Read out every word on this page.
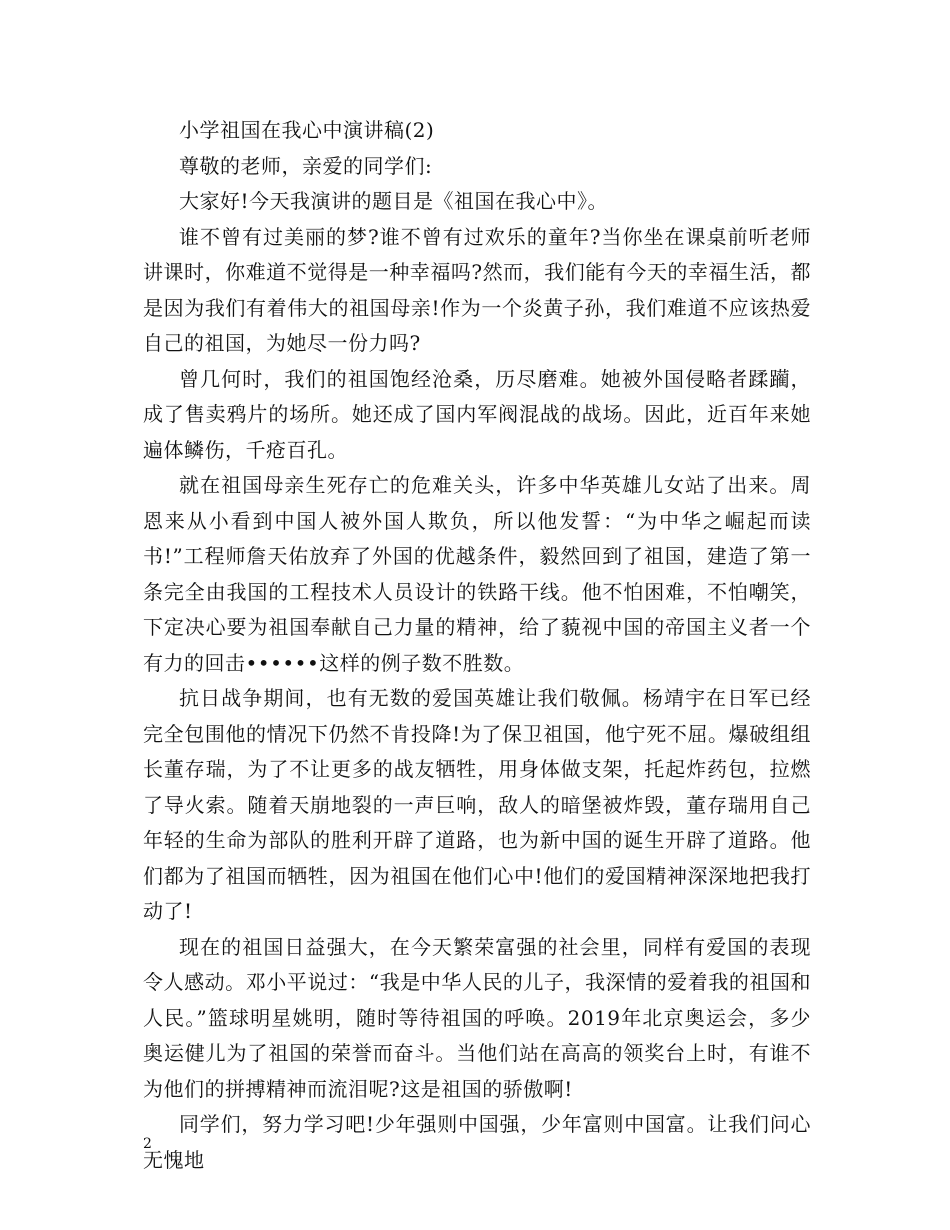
小学祖国在我心中演讲稿(2)

尊敬的老师，亲爱的同学们:

大家好!今天我演讲的题目是《祖国在我心中》。

谁不曾有过美丽的梦?谁不曾有过欢乐的童年?当你坐在课桌前听老师讲课时，你难道不觉得是一种幸福吗?然而，我们能有今天的幸福生活，都是因为我们有着伟大的祖国母亲!作为一个炎黄子孙，我们难道不应该热爱自己的祖国，为她尽一份力吗?

曾几何时，我们的祖国饱经沧桑，历尽磨难。她被外国侵略者蹂躏，成了售卖鸦片的场所。她还成了国内军阀混战的战场。因此，近百年来她遍体鳞伤，千疮百孔。

就在祖国母亲生死存亡的危难关头，许多中华英雄儿女站了出来。周恩来从小看到中国人被外国人欺负，所以他发誓：“为中华之崛起而读书!”工程师詹天佑放弃了外国的优越条件，毅然回到了祖国，建造了第一条完全由我国的工程技术人员设计的铁路干线。他不怕困难，不怕嘲笑，下定决心要为祖国奉献自己力量的精神，给了藐视中国的帝国主义者一个有力的回击••••••这样的例子数不胜数。

抗日战争期间，也有无数的爱国英雄让我们敬佩。杨靖宇在日军已经完全包围他的情况下仍然不肯投降!为了保卫祖国，他宁死不屈。爆破组组长董存瑞，为了不让更多的战友牺牲，用身体做支架，托起炸药包，拉燃了导火索。随着天崩地裂的一声巨响，敌人的暗堡被炸毁，董存瑞用自己年轻的生命为部队的胜利开辟了道路，也为新中国的诞生开辟了道路。他们都为了祖国而牺牲，因为祖国在他们心中!他们的爱国精神深深地把我打动了!

现在的祖国日益强大，在今天繁荣富强的社会里，同样有爱国的表现令人感动。邓小平说过：“我是中华人民的儿子，我深情的爱着我的祖国和人民。”篮球明星姚明，随时等待祖国的呼唤。2019年北京奥运会，多少奥运健儿为了祖国的荣誉而奋斗。当他们站在高高的领奖台上时，有谁不为他们的拼搏精神而流泪呢?这是祖国的骄傲啊!

同学们，努力学习吧!少年强则中国强，少年富则中国富。让我们问心无愧地

2
